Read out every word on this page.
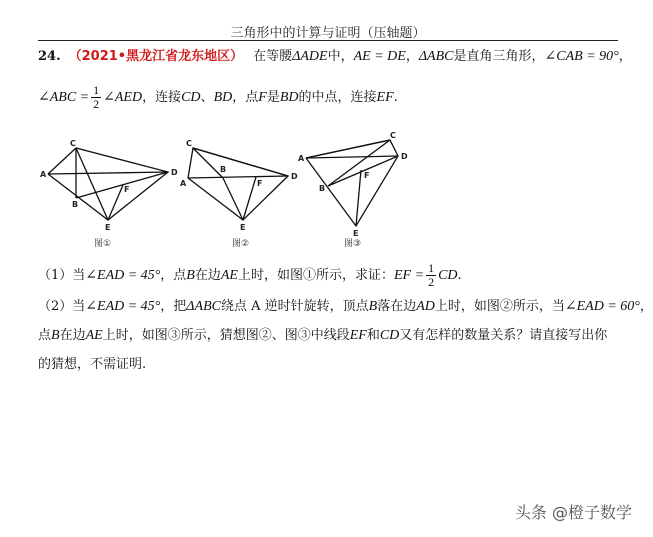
三角形中的计算与证明（压轴题）
24. （2021•黑龙江省龙东地区） 在等腰ΔADE中，AE = DE，ΔABC是直角三角形，∠CAB = 90°，
∠ABC = $\frac{1}{2}$ ∠AED，连接CD、BD，点F是BD的中点，连接EF.
C
A
B
D
F
E
图①
C
A
B
D
F
E
图②
C
A
B
D
F
E
图③
（1）当∠EAD = 45°，点B在边AE上时，如图①所示，求证：EF = $\frac{1}{2}$ CD.
（2）当∠EAD = 45°，把ΔABC绕点 A 逆时针旋转，顶点B落在边AD上时，如图②所示，当∠EAD = 60°，
点B在边AE上时，如图③所示，猜想图②、图③中线段EF和CD又有怎样的数量关系？请直接写出你
的猜想，不需证明.
头条 @橙子数学
